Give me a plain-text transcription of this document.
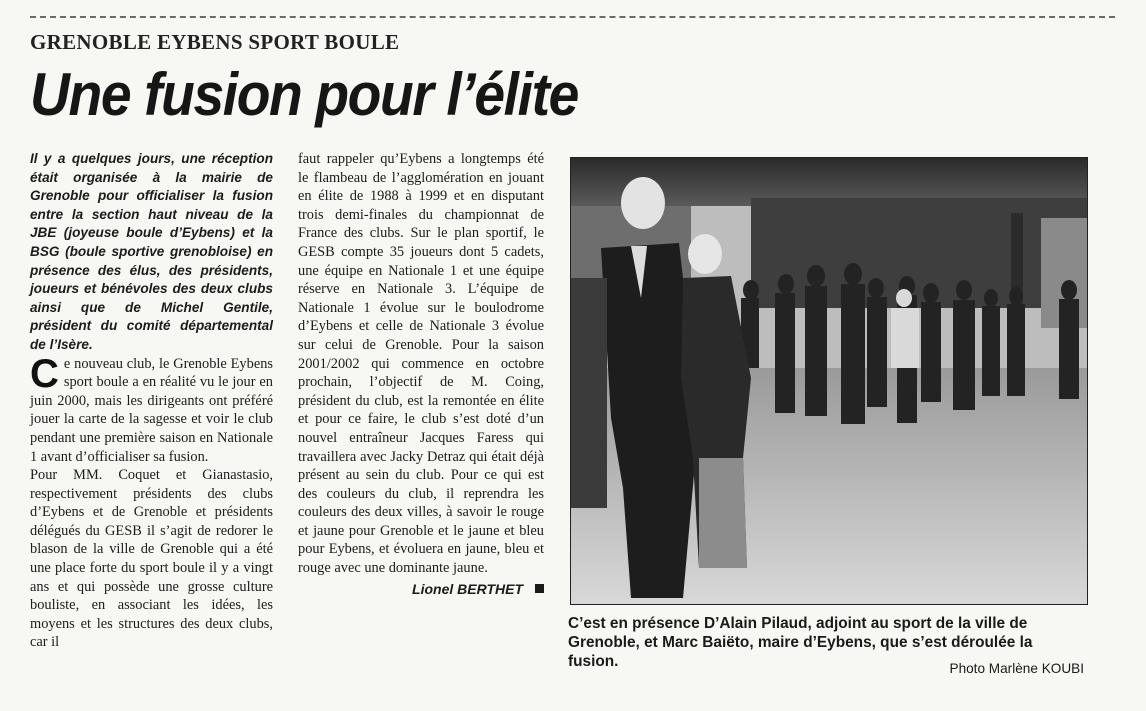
GRENOBLE EYBENS SPORT BOULE
Une fusion pour l’élite

Il y a quelques jours, une réception était organisée à la mairie de Grenoble pour officialiser la fusion entre la section haut niveau de la JBE (joyeuse boule d’Eybens) et la BSG (boule sportive grenobloise) en présence des élus, des présidents, joueurs et bénévoles des deux clubs ainsi que de Michel Gentile, président du comité départemental de l’Isère.

Ce nouveau club, le Grenoble Eybens sport boule a en réalité vu le jour en juin 2000, mais les dirigeants ont préféré jouer la carte de la sagesse et voir le club pendant une première saison en Nationale 1 avant d’officialiser sa fusion.

Pour MM. Coquet et Gianastasio, respectivement présidents des clubs d’Eybens et de Grenoble et présidents délégués du GESB il s’agit de redorer le blason de la ville de Grenoble qui a été une place forte du sport boule il y a vingt ans et qui possède une grosse culture bouliste, en associant les idées, les moyens et les structures des deux clubs, car il

faut rappeler qu’Eybens a longtemps été le flambeau de l’agglomération en jouant en élite de 1988 à 1999 et en disputant trois demi-finales du championnat de France des clubs. Sur le plan sportif, le GESB compte 35 joueurs dont 5 cadets, une équipe en Nationale 1 et une équipe réserve en Nationale 3. L’équipe de Nationale 1 évolue sur le boulodrome d’Eybens et celle de Nationale 3 évolue sur celui de Grenoble. Pour la saison 2001/2002 qui commence en octobre prochain, l’objectif de M. Coing, président du club, est la remontée en élite et pour ce faire, le club s’est doté d’un nouvel entraîneur Jacques Faress qui travaillera avec Jacky Detraz qui était déjà présent au sein du club. Pour ce qui est des couleurs du club, il reprendra les couleurs des deux villes, à savoir le rouge et jaune pour Grenoble et le jaune et bleu pour Eybens, et évoluera en jaune, bleu et rouge avec une dominante jaune.

Lionel BERTHET
C’est en présence D’Alain Pilaud, adjoint au sport de la ville de Grenoble, et Marc Baiëto, maire d’Eybens, que s’est déroulée la fusion.	Photo Marlène KOUBI
